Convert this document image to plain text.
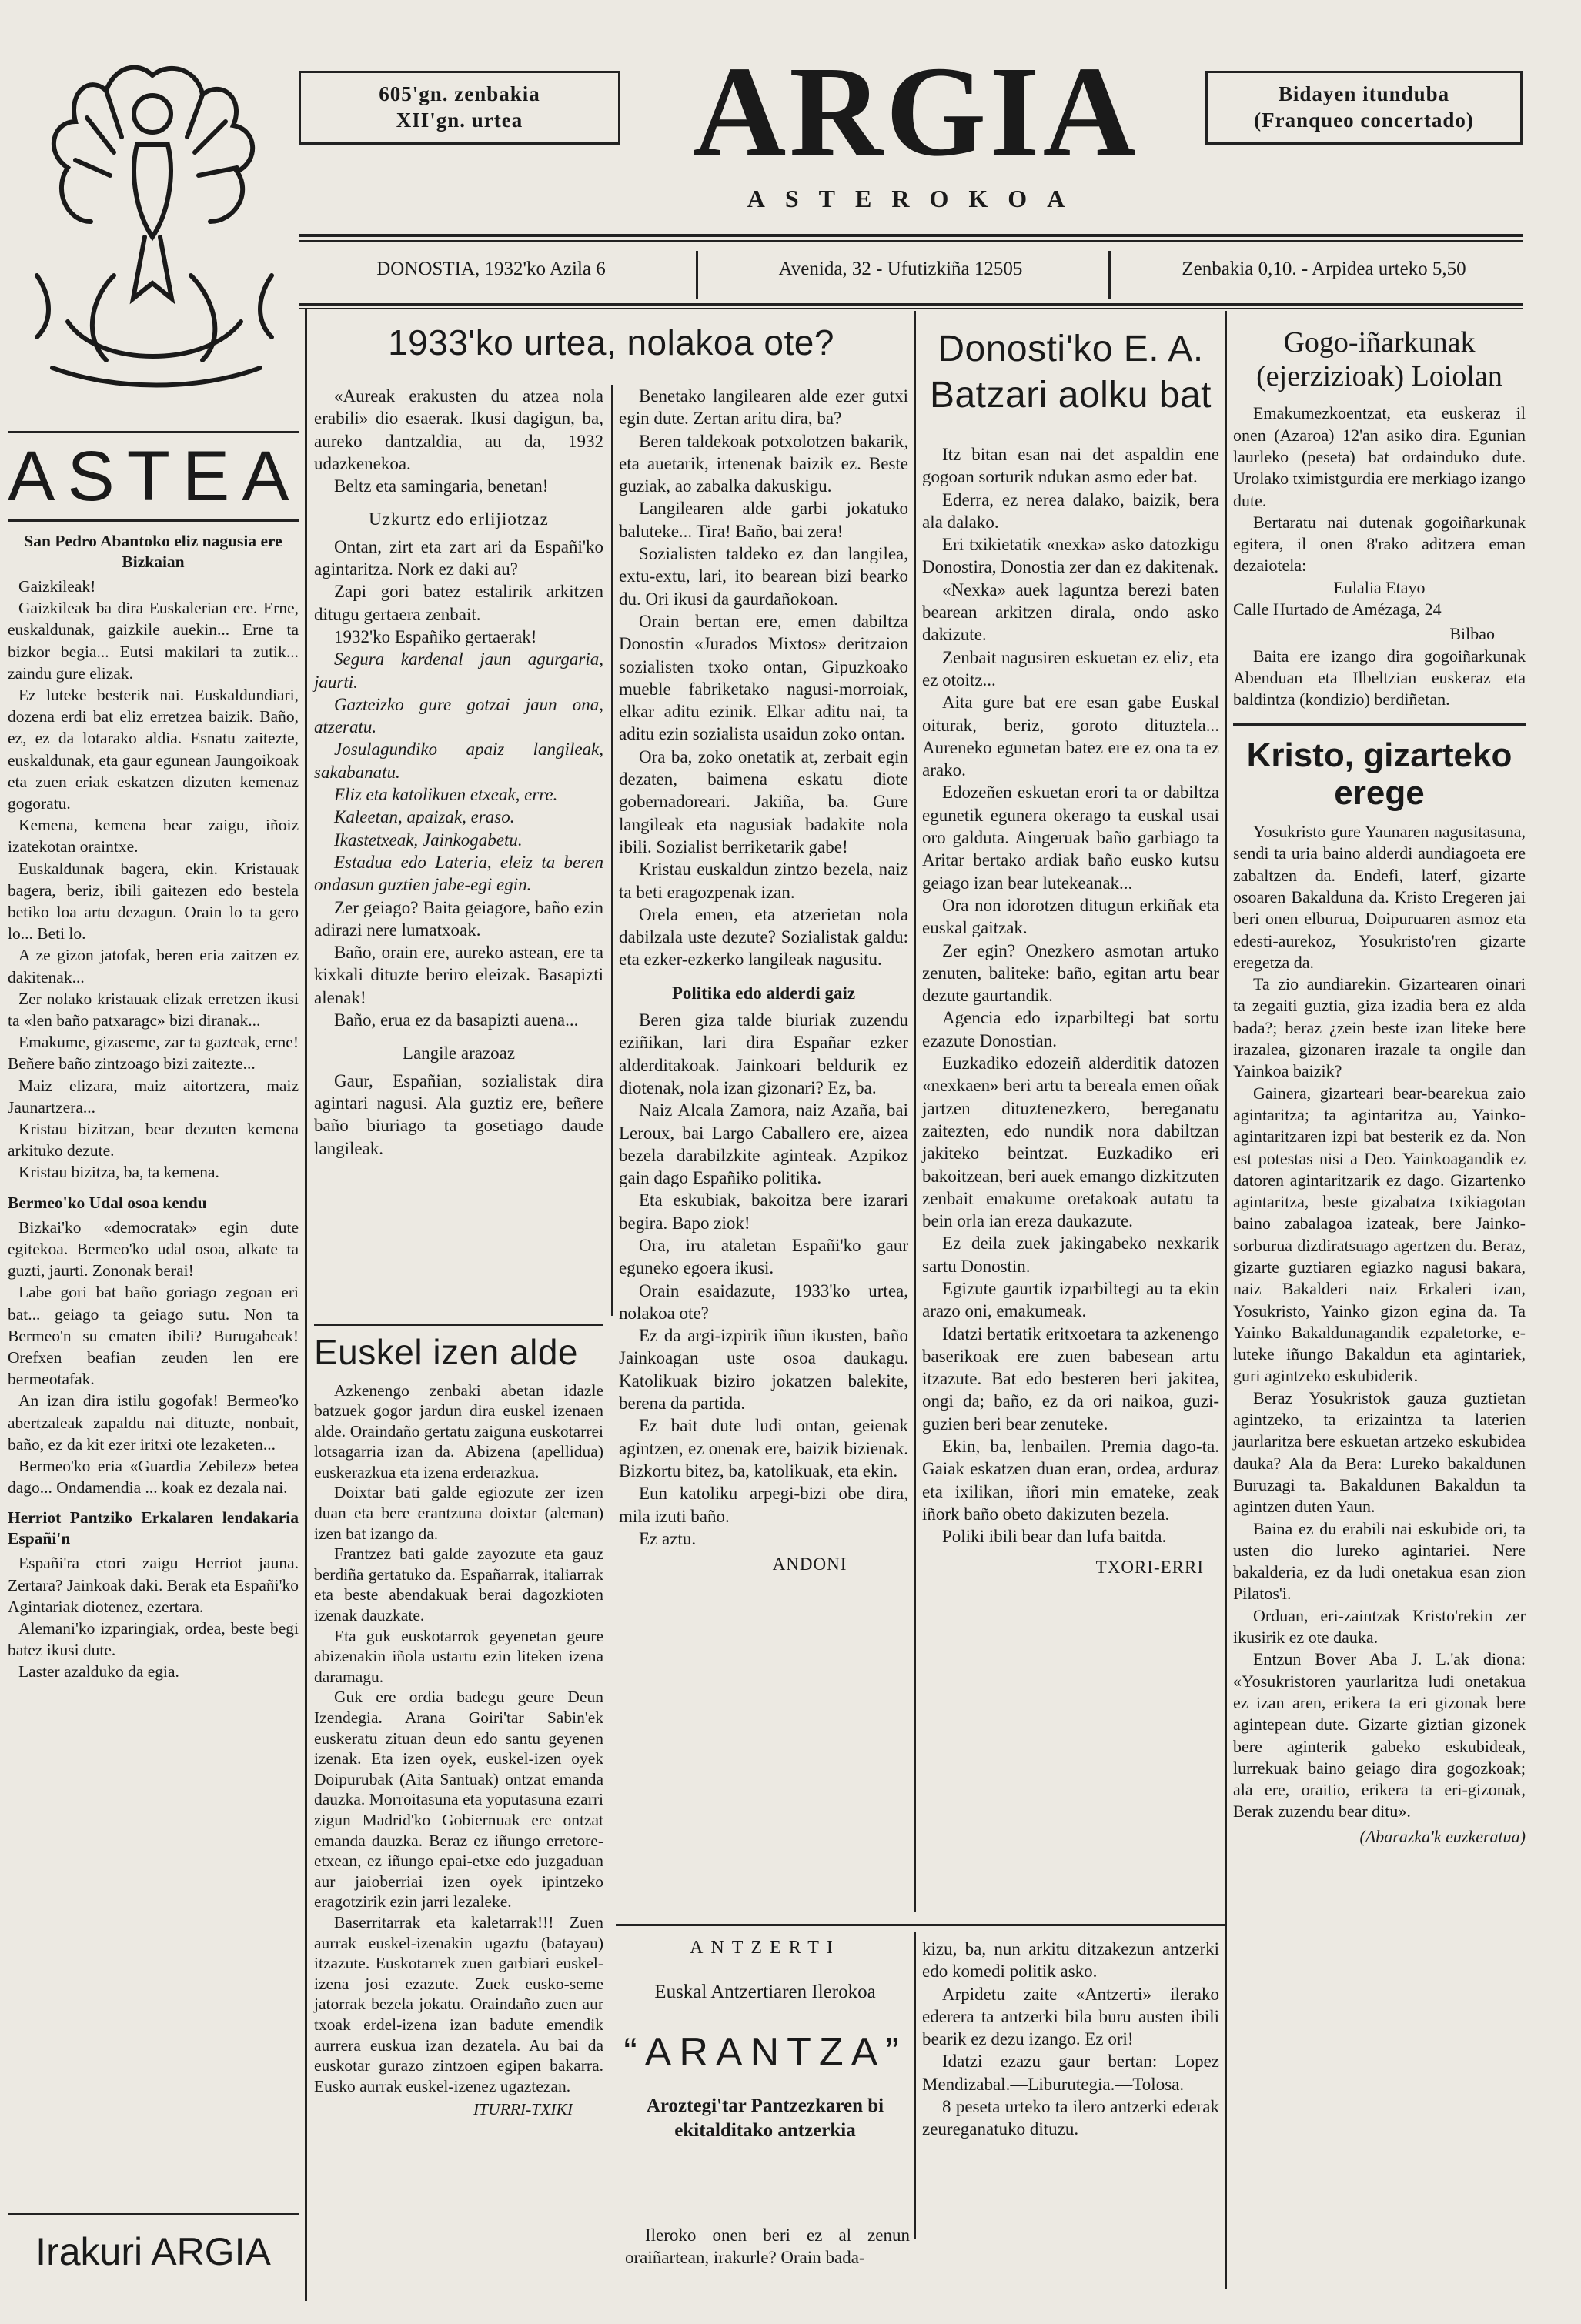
605'gn. zenbakia
XII'gn. urtea ARGIA
ASTEROKOA
Bidayen itunduba
(Franqueo concertado)
DONOSTIA, 1932'ko Azila 6	Avenida, 32 - Ufutizkiña 12505	Zenbakia 0,10. - Arpidea urteko 5,50
ASTEA

San Pedro Abantoko eliz nagusia ere Bizkaian

Gaizkileak!

Gaizkileak ba dira Euskalerian ere. Erne, euskaldunak, gaizkile auekin... Erne ta bizkor begia... Eutsi makilari ta zutik... zaindu gure elizak.

Ez luteke besterik nai. Euskaldundiari, dozena erdi bat eliz erretzea baizik. Baño, ez, ez da lotarako aldia. Esnatu zaitezte, euskaldunak, eta gaur egunean Jaungoikoak eta zuen eriak eskatzen dizuten kemenaz gogoratu.

Kemena, kemena bear zaigu, iñoiz izatekotan oraintxe.

Euskaldunak bagera, ekin. Kristauak bagera, beriz, ibili gaitezen edo bestela betiko loa artu dezagun. Orain lo ta gero lo... Beti lo.

A ze gizon jatofak, beren eria zaitzen ez dakitenak...

Zer nolako kristauak elizak erretzen ikusi ta «len baño patxaragc» bizi diranak...

Emakume, gizaseme, zar ta gazteak, erne! Beñere baño zintzoago bizi zaitezte...

Maiz elizara, maiz aitortzera, maiz Jaunartzera...

Kristau bizitzan, bear dezuten kemena arkituko dezute.

Kristau bizitza, ba, ta kemena.

Bermeo'ko Udal osoa kendu

Bizkai'ko «democratak» egin dute egitekoa. Bermeo'ko udal osoa, alkate ta guzti, jaurti. Zononak berai!

Labe gori bat baño goriago zegoan eri bat... geiago ta geiago sutu. Non ta Bermeo'n su ematen ibili? Burugabeak! Orefxen beafian zeuden len ere bermeotafak.

An izan dira istilu gogofak! Bermeo'ko abertzaleak zapaldu nai dituzte, nonbait, baño, ez da kit ezer iritxi ote lezaketen...

Bermeo'ko eria «Guardia Zebilez» betea dago... Ondamendia ... koak ez dezala nai.

Herriot Pantziko Erkalaren lendakaria Españi'n

Españi'ra etori zaigu Herriot jauna. Zertara? Jainkoak daki. Berak eta Españi'ko Agintariak diotenez, ezertara.

Alemani'ko izparingiak, ordea, beste begi batez ikusi dute.

Laster azalduko da egia.

Irakuri ARGIA
1933'ko urtea, nolakoa ote?

«Aureak erakusten du atzea nola erabili» dio esaerak. Ikusi dagigun, ba, aureko dantzaldia, au da, 1932 udazkenekoa.

Beltz eta samingaria, benetan!

Uzkurtz edo erlijiotzaz

Ontan, zirt eta zart ari da Españi'ko agintaritza. Nork ez daki au?

Zapi gori batez estalirik arkitzen ditugu gertaera zenbait.

1932'ko Españiko gertaerak!

Segura kardenal jaun agurgaria, jaurti.

Gazteizko gure gotzai jaun ona, atzeratu.

Josulagundiko apaiz langileak, sakabanatu.

Eliz eta katolikuen etxeak, erre.

Kaleetan, apaizak, eraso.

Ikastetxeak, Jainkogabetu.

Estadua edo Lateria, eleiz ta beren ondasun guztien jabe-egi egin.

Zer geiago? Baita geiagore, baño ezin adirazi nere lumatxoak.

Baño, orain ere, aureko astean, ere ta kixkali dituzte beriro eleizak. Basapizti alenak!

Baño, erua ez da basapizti auena...

Langile arazoaz

Gaur, Españian, sozialistak dira agintari nagusi. Ala guztiz ere, beñere baño biuriago ta gosetiago daude langileak.

Benetako langilearen alde ezer gutxi egin dute. Zertan aritu dira, ba?

Beren taldekoak potxolotzen bakarik, eta auetarik, irtenenak baizik ez. Beste guziak, ao zabalka dakuskigu.

Langilearen alde garbi jokatuko baluteke... Tira! Baño, bai zera!

Sozialisten taldeko ez dan langilea, extu-extu, lari, ito bearean bizi bearko du. Ori ikusi da gaurdañokoan.

Orain bertan ere, emen dabiltza Donostin «Jurados Mixtos» deritzaion sozialisten txoko ontan, Gipuzkoako mueble fabriketako nagusi-morroiak, elkar aditu ezinik. Elkar aditu nai, ta aditu ezin sozialista usaidun zoko ontan.

Ora ba, zoko onetatik at, zerbait egin dezaten, baimena eskatu diote gobernadoreari. Jakiña, ba. Gure langileak eta nagusiak badakite nola ibili. Sozialist berriketarik gabe!

Kristau euskaldun zintzo bezela, naiz ta beti eragozpenak izan.

Orela emen, eta atzerietan nola dabilzala uste dezute? Sozialistak galdu: eta ezker-ezkerko langileak nagusitu.

Politika edo alderdi gaiz

Beren giza talde biuriak zuzendu eziñikan, lari dira Españar ezker alderditakoak. Jainkoari beldurik ez diotenak, nola izan gizonari? Ez, ba.

Naiz Alcala Zamora, naiz Azaña, bai Leroux, bai Largo Caballero ere, aizea bezela darabilzkite aginteak. Azpikoz gain dago Españiko politika.

Eta eskubiak, bakoitza bere izarari begira. Bapo ziok!

Ora, iru ataletan Españi'ko gaur eguneko egoera ikusi.

Orain esaidazute, 1933'ko urtea, nolakoa ote?

Ez da argi-izpirik iñun ikusten, baño Jainkoagan uste osoa daukagu. Katolikuak biziro jokatzen balekite, berena da partida.

Ez bait dute ludi ontan, geienak agintzen, ez onenak ere, baizik bizienak. Bizkortu bitez, ba, katolikuak, eta ekin.

Eun katoliku arpegi-bizi obe dira, mila izuti baño.

Ez aztu.

ANDONI

Euskel izen alde

Azkenengo zenbaki abetan idazle batzuek gogor jardun dira euskel izenaen alde. Oraindaño gertatu zaiguna euskotarrei lotsagarria izan da. Abizena (apellidua) euskerazkua eta izena erderazkua.

Doixtar bati galde egiozute zer izen duan eta bere erantzuna doixtar (aleman) izen bat izango da.

Frantzez bati galde zayozute eta gauz berdiña gertatuko da. Españarrak, italiarrak eta beste abendakuak berai dagozkioten izenak dauzkate.

Eta guk euskotarrok geyenetan geure abizenakin iñola ustartu ezin liteken izena daramagu.

Guk ere ordia badegu geure Deun Izendegia. Arana Goiri'tar Sabin'ek euskeratu zituan deun edo santu geyenen izenak. Eta izen oyek, euskel-izen oyek Doipurubak (Aita Santuak) ontzat emanda dauzka. Morroitasuna eta yoputasuna ezarri zigun Madrid'ko Gobiernuak ere ontzat emanda dauzka. Beraz ez iñungo erretore-etxean, ez iñungo epai-etxe edo juzgaduan aur jaioberriai izen oyek ipintzeko eragotzirik ezin jarri lezaleke.

Baserritarrak eta kaletarrak!!! Zuen aurrak euskel-izenakin ugaztu (batayau) itzazute. Euskotarrek zuen garbiari euskel-izena josi ezazute. Zuek eusko-seme jatorrak bezela jokatu. Oraindaño zuen aur txoak erdel-izena izan badute emendik aurrera euskua izan dezatela. Au bai da euskotar gurazo zintzoen egipen bakarra. Eusko aurrak euskel-izenez ugaztezan.

ITURRI-TXIKI

Donosti'ko E. A. Batzari aolku bat

Itz bitan esan nai det aspaldin ene gogoan sorturik ndukan asmo eder bat.

Ederra, ez nerea dalako, baizik, bera ala dalako.

Eri txikietatik «nexka» asko datozkigu Donostira, Donostia zer dan ez dakitenak.

«Nexka» auek laguntza berezi baten bearean arkitzen dirala, ondo asko dakizute.

Zenbait nagusiren eskuetan ez eliz, eta ez otoitz...

Aita gure bat ere esan gabe Euskal oiturak, beriz, goroto dituztela... Aureneko egunetan batez ere ez ona ta ez arako.

Edozeñen eskuetan erori ta or dabiltza egunetik egunera okerago ta euskal usai oro galduta. Aingeruak baño garbiago ta Aritar bertako ardiak baño eusko kutsu geiago izan bear lutekeanak...

Ora non idorotzen ditugun erkiñak eta euskal gaitzak.

Zer egin? Onezkero asmotan artuko zenuten, baliteke: baño, egitan artu bear dezute gaurtandik.

Agencia edo izparbiltegi bat sortu ezazute Donostian.

Euzkadiko edozeiñ alderditik datozen «nexkaen» beri artu ta bereala emen oñak jartzen dituztenezkero, bereganatu zaitezten, edo nundik nora dabiltzan jakiteko beintzat. Euzkadiko eri bakoitzean, beri auek emango dizkitzuten zenbait emakume oretakoak autatu ta bein orla ian ereza daukazute.

Ez deila zuek jakingabeko nexkarik sartu Donostin.

Egizute gaurtik izparbiltegi au ta ekin arazo oni, emakumeak.

Idatzi bertatik eritxoetara ta azkenengo baserikoak ere zuen babesean artu itzazute. Bat edo besteren beri jakitea, ongi da; baño, ez da ori naikoa, guzi-guzien beri bear zenuteke.

Ekin, ba, lenbailen. Premia dago-ta. Gaiak eskatzen duan eran, ordea, arduraz eta ixilikan, iñori min emateke, zeak iñork baño obeto dakizuten bezela.

Poliki ibili bear dan lufa baitda.

TXORI-ERRI

ANTZERTI
Euskal Antzertiaren Ilerokoa
“ARANTZA”
Aroztegi'tar Pantzezkaren bi ekitalditako antzerkia

kizu, ba, nun arkitu ditzakezun antzerki edo komedi politik asko.

Arpidetu zaite «Antzerti» ilerako ederera ta antzerki bila buru austen ibili bearik ez dezu izango. Ez ori!

Idatzi ezazu gaur bertan: Lopez Mendizabal.—Liburutegia.—Tolosa.

8 peseta urteko ta ilero antzerki ederak zeureganatuko dituzu.

Ileroko onen beri ez al zenun oraiñartean, irakurle? Orain bada-

Gogo-iñarkunak (ejerzizioak) Loiolan

Emakumezkoentzat, eta euskeraz il onen (Azaroa) 12'an asiko dira. Egunian laurleko (peseta) bat ordainduko dute. Urolako tximistgurdia ere merkiago izango dute.

Bertaratu nai dutenak gogoiñarkunak egitera, il onen 8'rako aditzera eman dezaiotela:

Eulalia Etayo

Calle Hurtado de Amézaga, 24

Bilbao

Baita ere izango dira gogoiñarkunak Abenduan eta Ilbeltzian euskeraz eta baldintza (kondizio) berdiñetan.

Kristo, gizarteko erege

Yosukristo gure Yaunaren nagusitasuna, sendi ta uria baino alderdi aundiagoeta ere zabaltzen da. Endefi, laterf, gizarte osoaren Bakalduna da. Kristo Eregeren jai beri onen elburua, Doipuruaren asmoz eta edesti-aurekoz, Yosukristo'ren gizarte eregetza da.

Ta zio aundiarekin. Gizartearen oinari ta zegaiti guztia, giza izadia bera ez alda bada?; beraz ¿zein beste izan liteke bere irazalea, gizonaren irazale ta ongile dan Yainkoa baizik?

Gainera, gizarteari bear-bearekua zaio agintaritza; ta agintaritza au, Yainko-agintaritzaren izpi bat besterik ez da. Non est potestas nisi a Deo. Yainkoagandik ez datoren agintaritzarik ez dago. Gizartenko agintaritza, beste gizabatza txikiagotan baino zabalagoa izateak, bere Jainko-sorburua dizdiratsuago agertzen du. Beraz, gizarte guztiaren egiazko nagusi bakara, naiz Bakalderi naiz Erkaleri izan, Yosukristo, Yainko gizon egina da. Ta Yainko Bakaldunagandik ezpaletorke, e-luteke iñungo Bakaldun eta agintariek, guri agintzeko eskubiderik.

Beraz Yosukristok gauza guztietan agintzeko, ta erizaintza ta laterien jaurlaritza bere eskuetan artzeko eskubidea dauka? Ala da Bera: Lureko bakaldunen Buruzagi ta. Bakaldunen Bakaldun ta agintzen duten Yaun.

Baina ez du erabili nai eskubide ori, ta usten dio lureko agintariei. Nere bakalderia, ez da ludi onetakua esan zion Pilatos'i.

Orduan, eri-zaintzak Kristo'rekin zer ikusirik ez ote dauka.

Entzun Bover Aba J. L.'ak diona: «Yosukristoren yaurlaritza ludi onetakua ez izan aren, erikera ta eri gizonak bere agintepean dute. Gizarte giztian gizonek bere aginterik gabeko eskubideak, lurrekuak baino geiago dira gogozkoak; ala ere, oraitio, erikera ta eri-gizonak, Berak zuzendu bear ditu».

(Abarazka'k euzkeratua)
